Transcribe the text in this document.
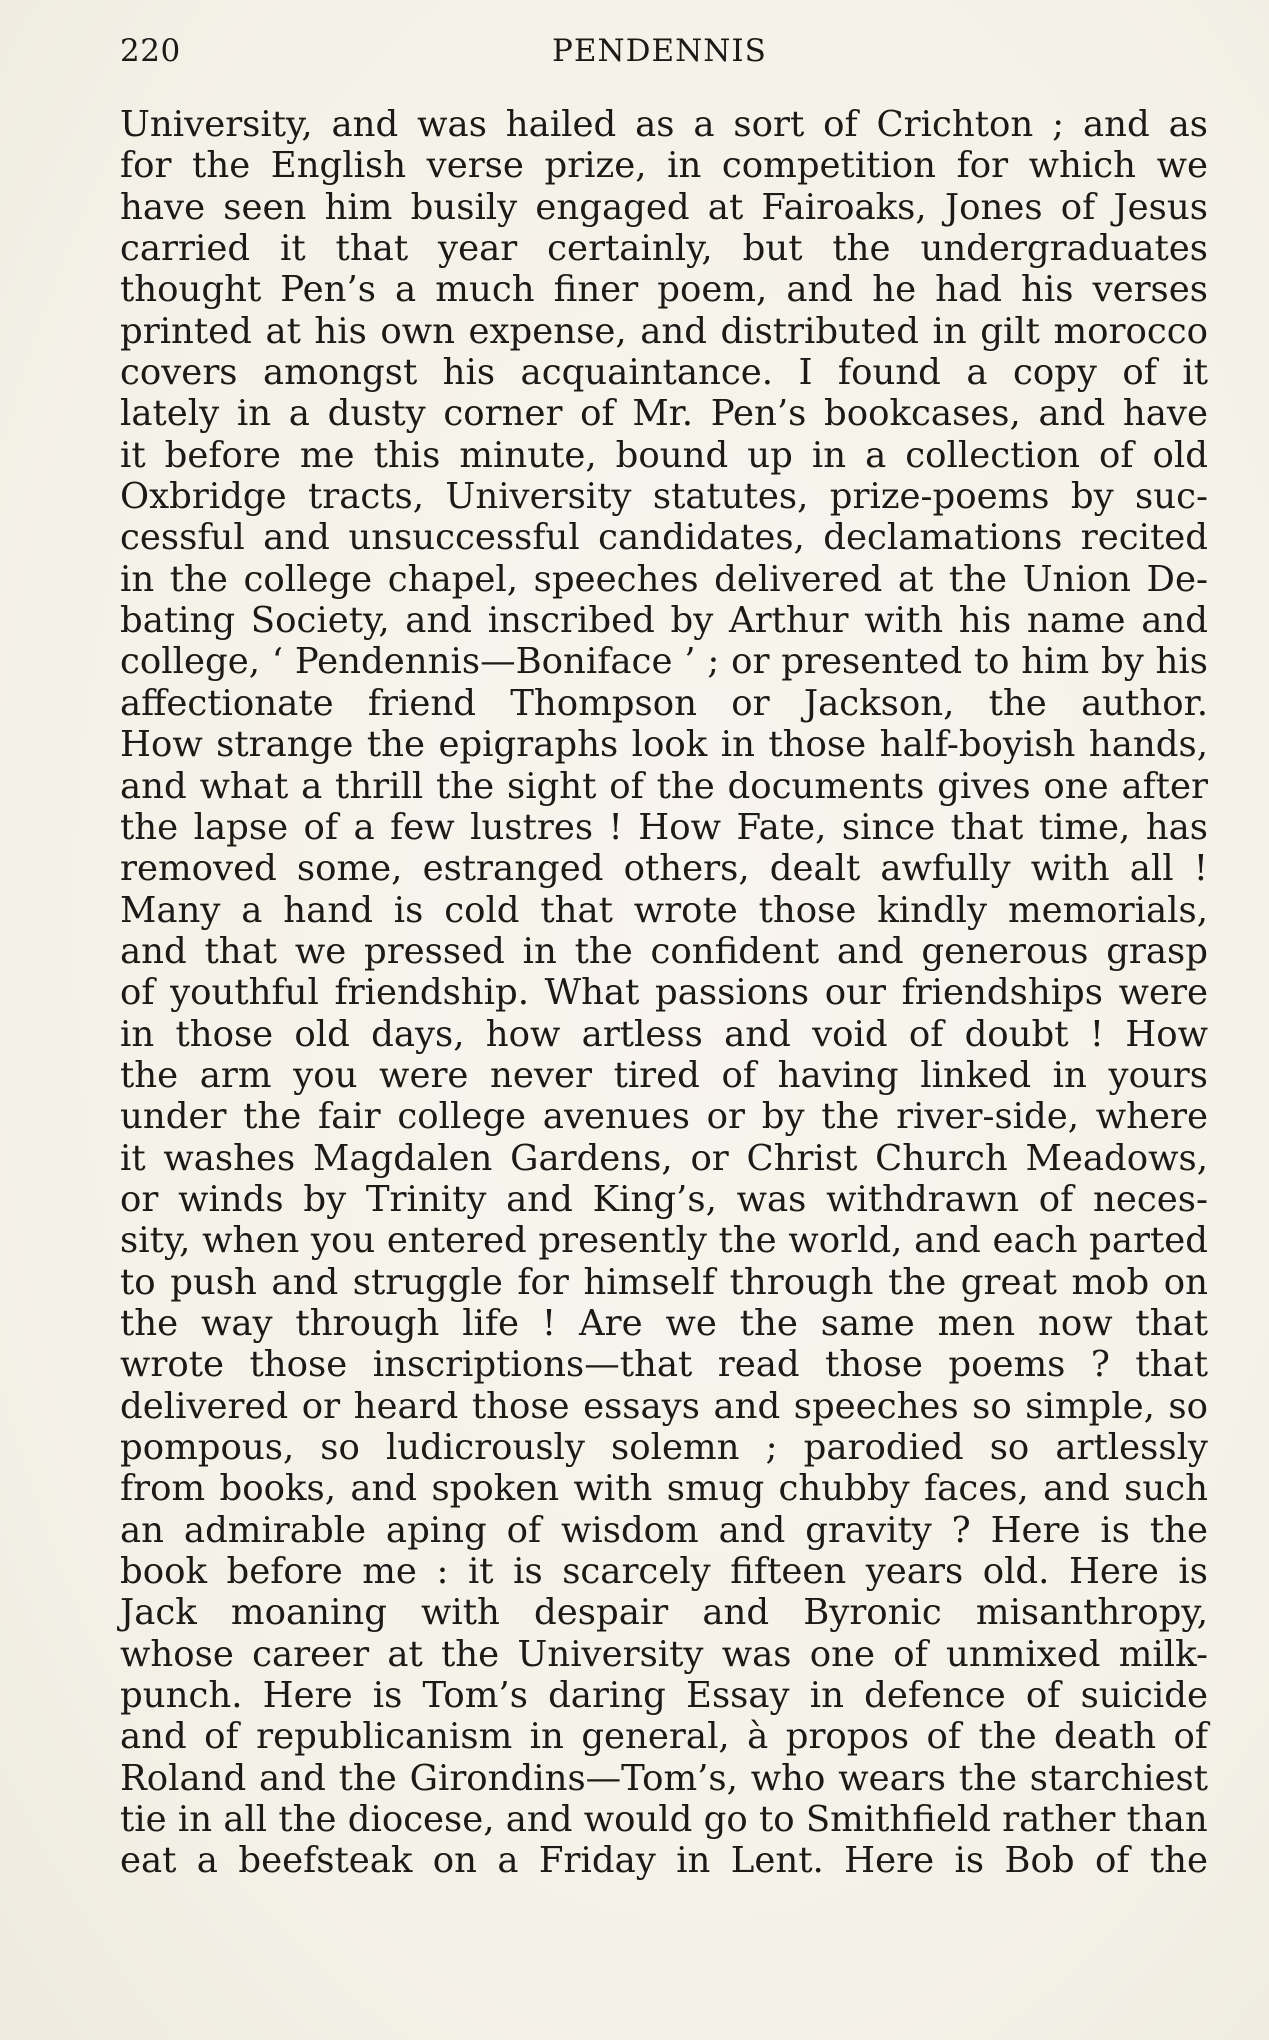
220	PENDENNIS
University, and was hailed as a sort of Crichton ; and as
for the English verse prize, in competition for which we
have seen him busily engaged at Fairoaks, Jones of Jesus
carried it that year certainly, but the undergraduates
thought Pen’s a much finer poem, and he had his verses
printed at his own expense, and distributed in gilt morocco
covers amongst his acquaintance. I found a copy of it
lately in a dusty corner of Mr. Pen’s bookcases, and have
it before me this minute, bound up in a collection of old
Oxbridge tracts, University statutes, prize-poems by suc-
cessful and unsuccessful candidates, declamations recited
in the college chapel, speeches delivered at the Union De-
bating Society, and inscribed by Arthur with his name and
college, ‘ Pendennis—Boniface ’ ; or presented to him by his
affectionate friend Thompson or Jackson, the author.
How strange the epigraphs look in those half-boyish hands,
and what a thrill the sight of the documents gives one after
the lapse of a few lustres ! How Fate, since that time, has
removed some, estranged others, dealt awfully with all !
Many a hand is cold that wrote those kindly memorials,
and that we pressed in the confident and generous grasp
of youthful friendship. What passions our friendships were
in those old days, how artless and void of doubt ! How
the arm you were never tired of having linked in yours
under the fair college avenues or by the river-side, where
it washes Magdalen Gardens, or Christ Church Meadows,
or winds by Trinity and King’s, was withdrawn of neces-
sity, when you entered presently the world, and each parted
to push and struggle for himself through the great mob on
the way through life ! Are we the same men now that
wrote those inscriptions—that read those poems ? that
delivered or heard those essays and speeches so simple, so
pompous, so ludicrously solemn ; parodied so artlessly
from books, and spoken with smug chubby faces, and such
an admirable aping of wisdom and gravity ? Here is the
book before me : it is scarcely fifteen years old. Here is
Jack moaning with despair and Byronic misanthropy,
whose career at the University was one of unmixed milk-
punch. Here is Tom’s daring Essay in defence of suicide
and of republicanism in general, à propos of the death of
Roland and the Girondins—Tom’s, who wears the starchiest
tie in all the diocese, and would go to Smithfield rather than
eat a beefsteak on a Friday in Lent. Here is Bob of the
